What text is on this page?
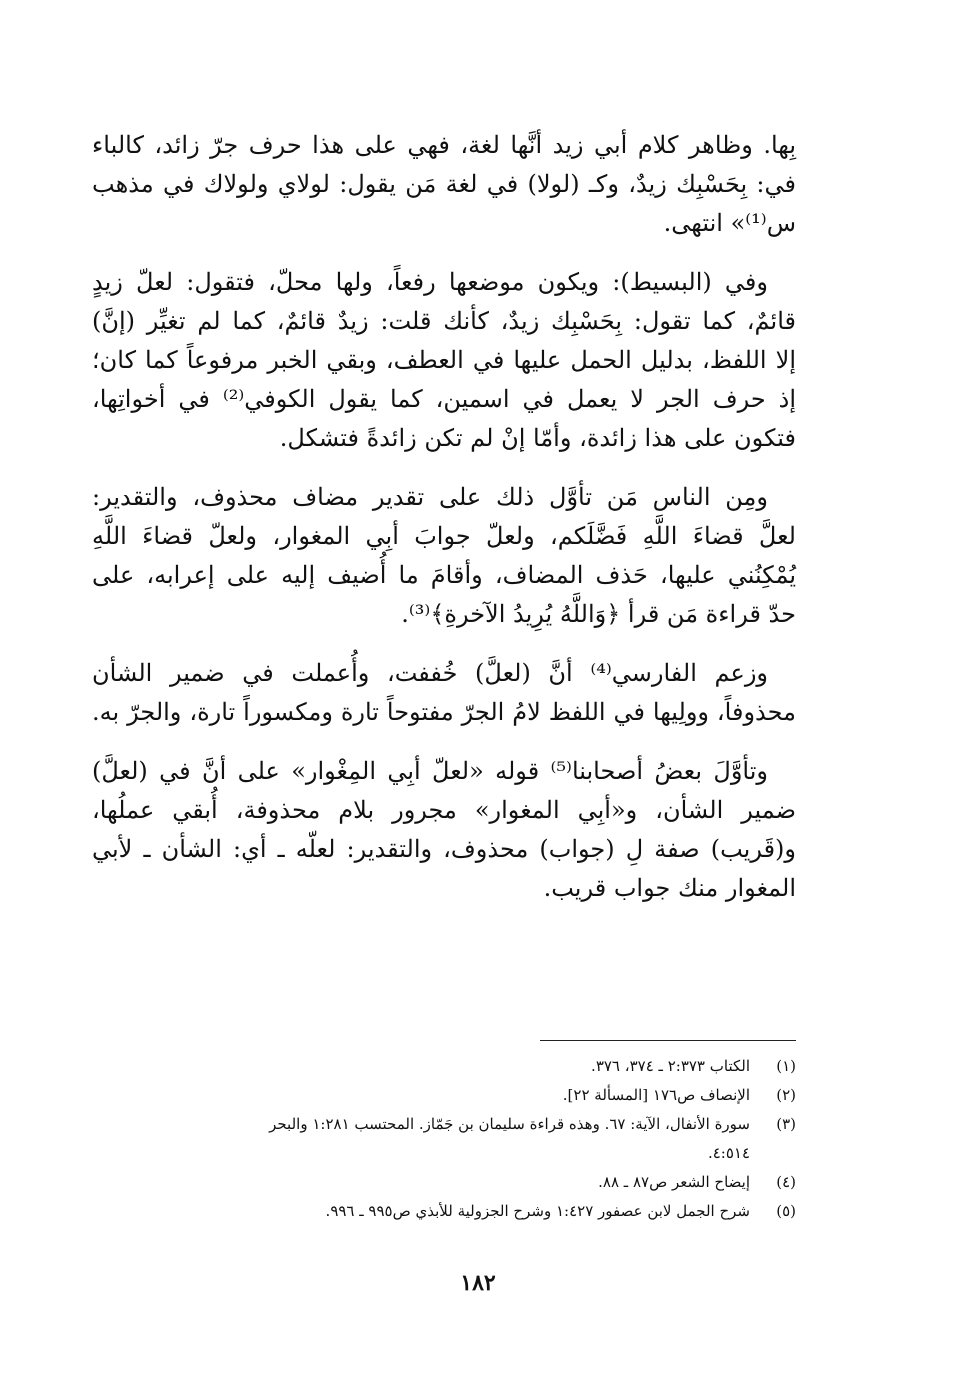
بِها. وظاهر كلام أبي زيد أنَّها لغة، فهي على هذا حرف جرّ زائد، كالباء
في: بِحَسْبِك زيدٌ، وكـ (لولا) في لغة مَن يقول: لولاي ولولاك في مذهب
س⁽¹⁾» انتهى.

وفي (البسيط): ويكون موضعها رفعاً، ولها محلّ، فتقول: لعلّ زيدٍ
قائمٌ، كما تقول: بِحَسْبِك زيدٌ، كأنك قلت: زيدٌ قائمٌ، كما لم تغيِّر (إنَّ)
إلا اللفظ، بدليل الحمل عليها في العطف، وبقي الخبر مرفوعاً كما كان؛
إذ حرف الجر لا يعمل في اسمين، كما يقول الكوفي⁽²⁾ في أخواتِها،
فتكون على هذا زائدة، وأمّا إنْ لم تكن زائدةً فتشكل.

ومِن الناس مَن تأوَّل ذلك على تقدير مضاف محذوف، والتقدير:
لعلَّ قضاءَ اللَّهِ فَضَّلَكم، ولعلّ جوابَ أبِي المغوار، ولعلّ قضاءَ اللَّهِ
يُمْكِنُني عليها، حَذف المضاف، وأقامَ ما أُضيف إليه على إعرابه، على
حدّ قراءة مَن قرأ ﴿وَاللَّهُ يُرِيدُ الآخرةِ﴾⁽³⁾.

وزعم الفارسي⁽⁴⁾ أنَّ (لعلَّ) خُففت، وأُعملت في ضمير الشأن
محذوفاً، وولِيها في اللفظ لامُ الجرّ مفتوحاً تارة ومكسوراً تارة، والجرّ به.

وتأوَّلَ بعضُ أصحابنا⁽⁵⁾ قوله «لعلّ أبِي المِغْوار» على أنَّ في (لعلَّ)
ضمير الشأن، و«أبِي المغوار» مجرور بلام محذوفة، أُبقي عملُها،
و(قَريب) صفة لِ (جواب) محذوف، والتقدير: لعلّه ـ أي: الشأن ـ لأبي
المغوار منك جواب قريب.

(١)
الكتاب ٢:٣٧٣ ـ ٣٧٤، ٣٧٦.
(٢)
الإنصاف ص١٧٦ [المسألة ٢٢].
(٣)
سورة الأنفال، الآية: ٦٧. وهذه قراءة سليمان بن جَمّاز. المحتسب ١:٢٨١ والبحر
٤:٥١٤.
(٤)
إيضاح الشعر ص٨٧ ـ ٨٨.
(٥)
شرح الجمل لابن عصفور ١:٤٢٧ وشرح الجزولية للأبذي ص٩٩٥ ـ ٩٩٦.
١٨٢
